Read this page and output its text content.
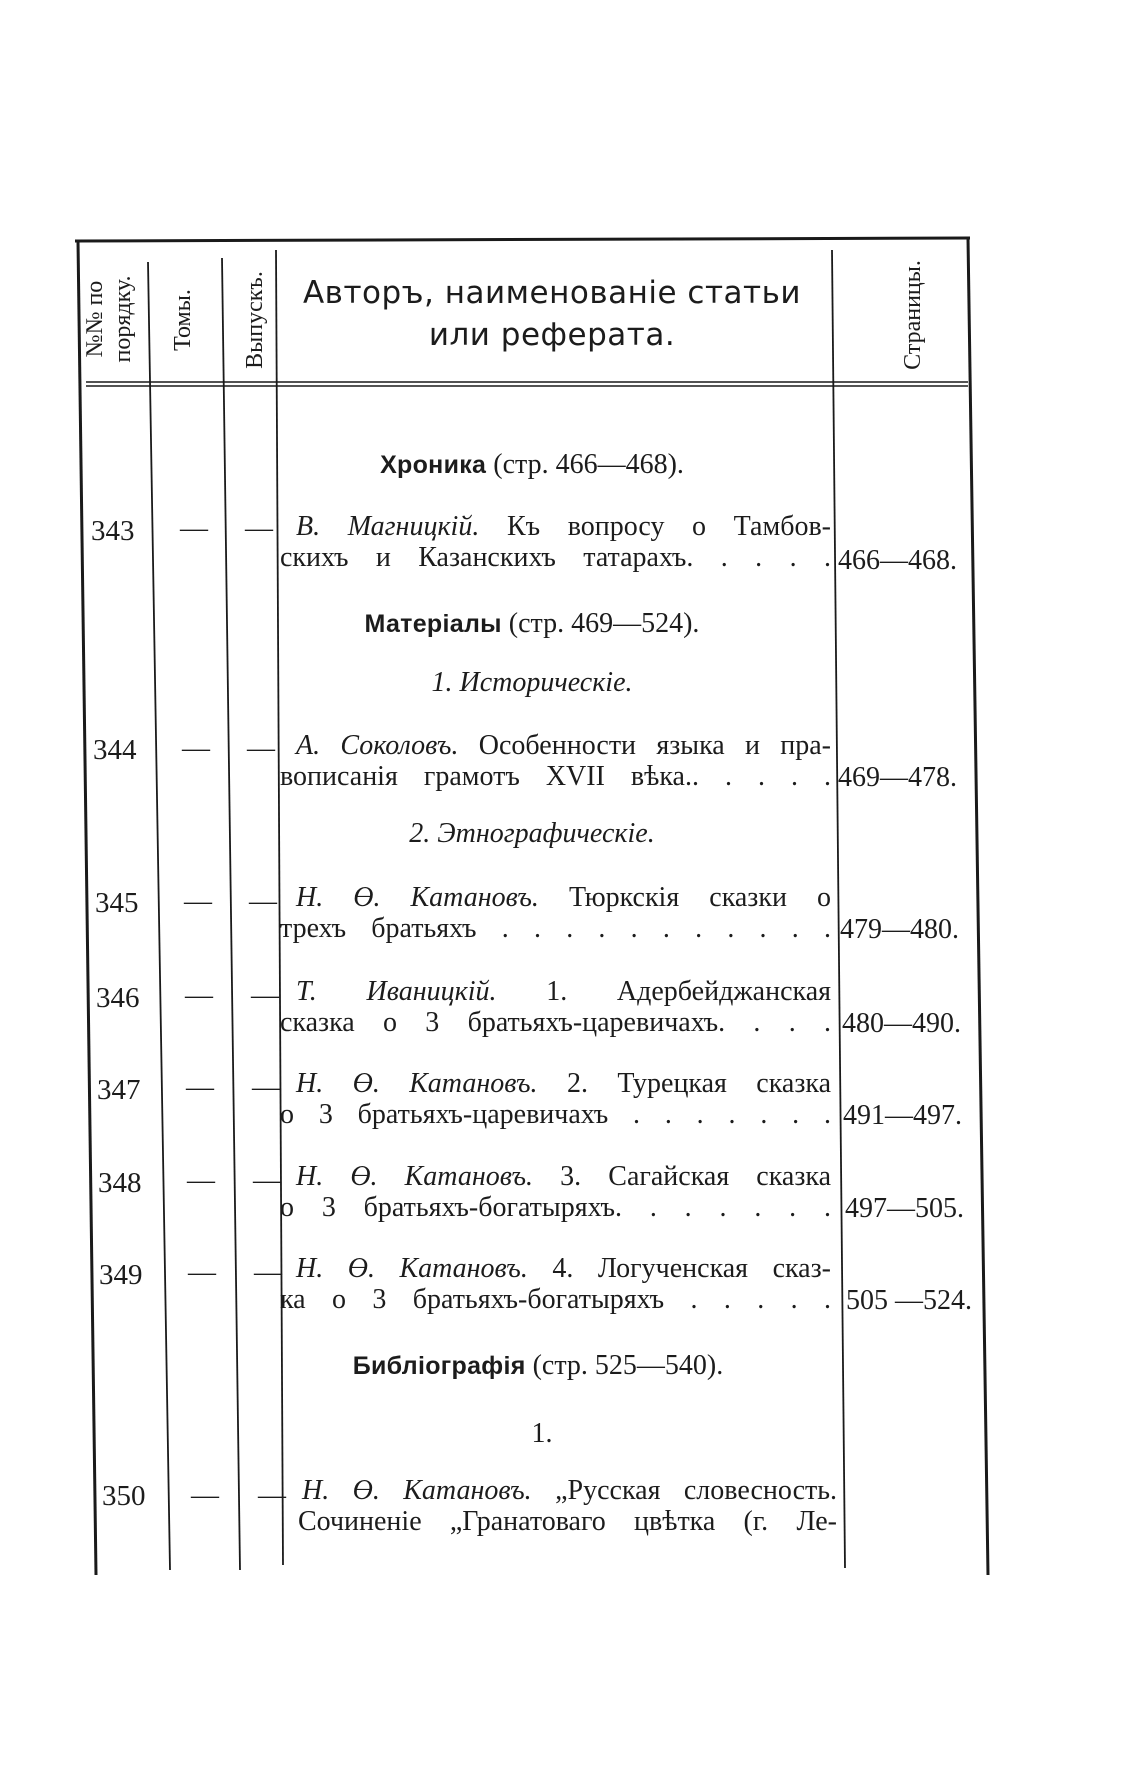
№№ по порядку. Томы. Выпускъ.	Авторъ, наименованіе статьи или реферата.	Страницы.
Хроника (стр. 466—468).
343 — — В. Магницкій. Къ вопросу о Тамбов-
скихъ и Казанскихъ татарахъ. . . . . 466—468.
Матеріалы (стр. 469—524).
1. Историческіе.
344 — — А. Соколовъ. Особенности языка и пра-
вописанія грамотъ XVII вѣка.. . . . . 469—478.
2. Этнографическіе.
345 — — Н. Ө. Катановъ. Тюркскія сказки о
трехъ братьяхъ . . . . . . . . . . . 479—480.
346 — — Т. Иваницкій. 1. Адербейджанская
сказка о 3 братьяхъ-царевичахъ. . . . 480—490.
347 — — Н. Ө. Катановъ. 2. Турецкая сказка
о 3 братьяхъ-царевичахъ . . . . . . . 491—497.
348 — — Н. Ө. Катановъ. 3. Сагайская сказка
о 3 братьяхъ-богатыряхъ. . . . . . . 497—505.
349 — — Н. Ө. Катановъ. 4. Логученская сказ-
ка о 3 братьяхъ-богатыряхъ . . . . . 505 —524.
Библіографія (стр. 525—540).
1.
350 — — Н. Ө. Катановъ. „Русская словесность.
Сочиненіе „Гранатоваго цвѣтка (г. Ле-
